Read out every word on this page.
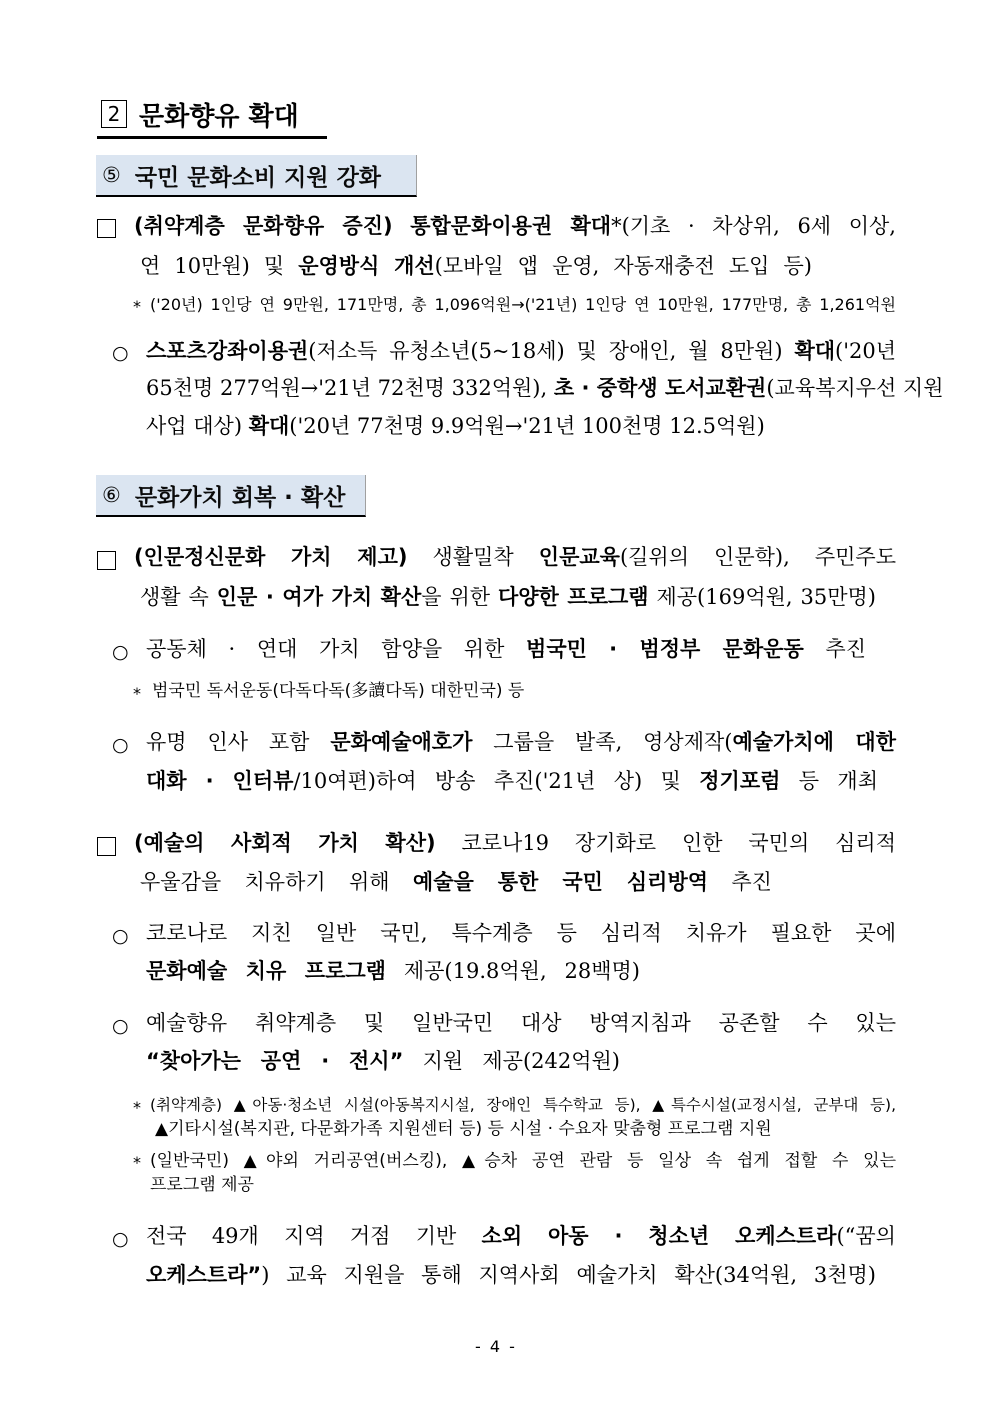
2 문화향유 확대
⑤ 국민 문화소비 지원 강화
(취약계층 문화향유 증진) 통합문화이용권 확대*(기초 · 차상위, 6세 이상,
연 10만원) 및 운영방식 개선(모바일 앱 운영, 자동재충전 도입 등)
* ('20년) 1인당 연 9만원, 171만명, 총 1,096억원→('21년) 1인당 연 10만원, 177만명, 총 1,261억원
○ 스포츠강좌이용권(저소득 유청소년(5~18세) 및 장애인, 월 8만원) 확대('20년
65천명 277억원→'21년 72천명 332억원), 초 · 중학생 도서교환권(교육복지우선 지원
사업 대상) 확대('20년 77천명 9.9억원→'21년 100천명 12.5억원)
⑥ 문화가치 회복 · 확산
(인문정신문화 가치 제고) 생활밀착 인문교육(길위의 인문학), 주민주도
생활 속 인문 · 여가 가치 확산을 위한 다양한 프로그램 제공(169억원, 35만명)
○ 공동체 · 연대 가치 함양을 위한 범국민 · 범정부 문화운동 추진
* 범국민 독서운동(다독다독(多讀다독) 대한민국) 등
○ 유명 인사 포함 문화예술애호가 그룹을 발족, 영상제작(예술가치에 대한
대화 · 인터뷰/10여편)하여 방송 추진('21년 상) 및 정기포럼 등 개최
(예술의 사회적 가치 확산) 코로나19 장기화로 인한 국민의 심리적
우울감을 치유하기 위해 예술을 통한 국민 심리방역 추진
○ 코로나로 지친 일반 국민, 특수계층 등 심리적 치유가 필요한 곳에
문화예술 치유 프로그램 제공(19.8억원, 28백명)
○ 예술향유 취약계층 및 일반국민 대상 방역지침과 공존할 수 있는
“찾아가는 공연 · 전시” 지원 제공(242억원)
* (취약계층) ▲아동·청소년 시설(아동복지시설, 장애인 특수학교 등), ▲특수시설(교정시설, 군부대 등),
▲기타시설(복지관, 다문화가족 지원센터 등) 등 시설 · 수요자 맞춤형 프로그램 지원
* (일반국민) ▲야외 거리공연(버스킹), ▲승차 공연 관람 등 일상 속 쉽게 접할 수 있는
프로그램 제공
○ 전국 49개 지역 거점 기반 소외 아동 · 청소년 오케스트라(“꿈의
오케스트라”) 교육 지원을 통해 지역사회 예술가치 확산(34억원, 3천명)
- 4 -
